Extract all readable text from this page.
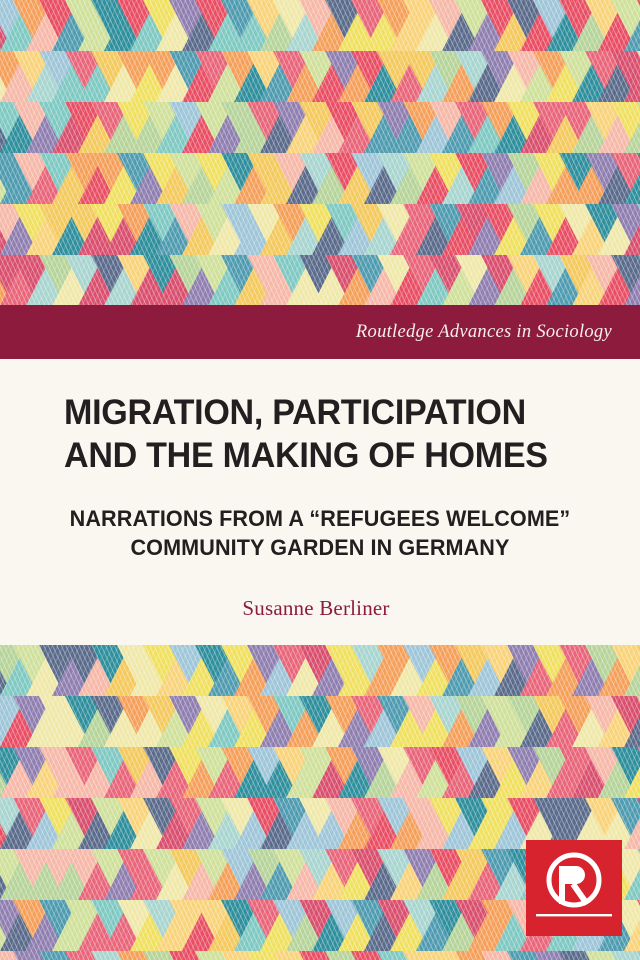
Routledge Advances in Sociology
MIGRATION, PARTICIPATION
AND THE MAKING OF HOMES
NARRATIONS FROM A “REFUGEES WELCOME”
COMMUNITY GARDEN IN GERMANY
Susanne Berliner
